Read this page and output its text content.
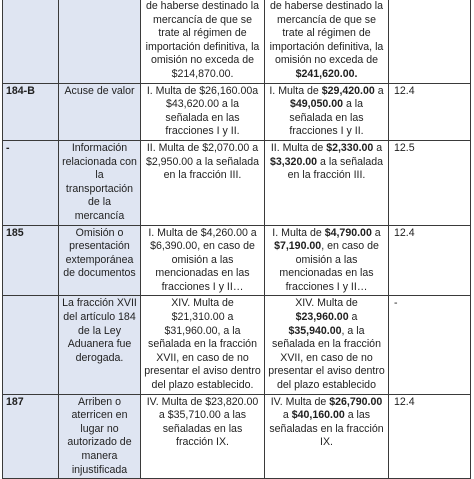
		de haberse destinado la mercancía de que se trate al régimen de importación definitiva, la omisión no exceda de $214,870.00.	de haberse destinado la mercancía de que se trate al régimen de importación definitiva, la omisión no exceda de $241,620.00.	
184-B	Acuse de valor	I. Multa de $26,160.00a $43,620.00 a la señalada en las fracciones I y II.	I. Multa de $29,420.00 a $49,050.00 a la señalada en las fracciones I y II.	12.4
-	Información relacionada con la transportación de la mercancía	II. Multa de $2,070.00 a $2,950.00 a la señalada en la fracción III.	II. Multa de $2,330.00 a $3,320.00 a la señalada en la fracción III.	12.5
185	Omisión o presentación extemporánea de documentos	I. Multa de $4,260.00 a $6,390.00, en caso de omisión a las mencionadas en las fracciones I y II…	I. Multa de $4,790.00 a $7,190.00, en caso de omisión a las mencionadas en las fracciones I y II…	12.4
	La fracción XVII del artículo 184 de la Ley Aduanera fue derogada.	XIV. Multa de $21,310.00 a $31,960.00, a la señalada en la fracción XVII, en caso de no presentar el aviso dentro del plazo establecido.	XIV. Multa de $23,960.00 a $35,940.00, a la señalada en la fracción XVII, en caso de no presentar el aviso dentro del plazo establecido	-
187	Arriben o aterricen en lugar no autorizado de manera injustificada	IV. Multa de $23,820.00 a $35,710.00 a las señaladas en las fracción IX.	IV. Multa de $26,790.00 a $40,160.00 a las señaladas en la fracción IX.	12.4
